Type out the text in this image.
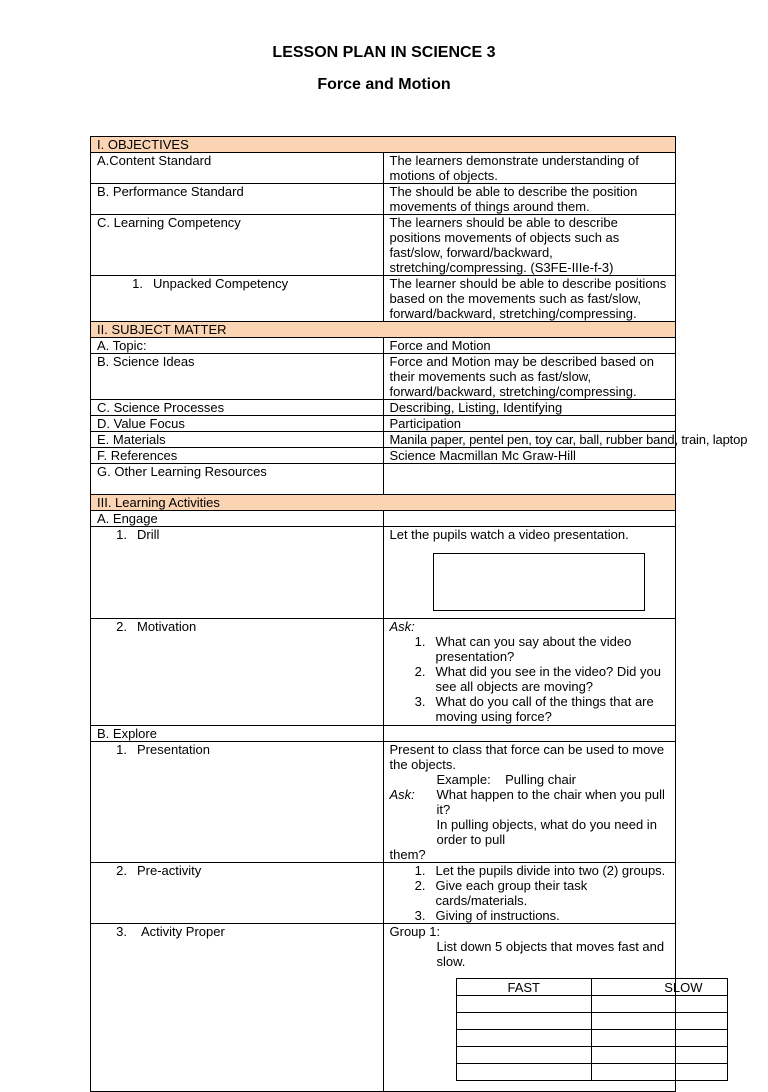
LESSON PLAN IN SCIENCE 3
Force and Motion
I. OBJECTIVES
A.Content Standard	The learners demonstrate understanding of motions of objects.
B. Performance Standard	The should be able to describe the position movements of things around them.
C. Learning Competency	The learners should be able to describe positions movements of objects such as fast/slow, forward/backward, stretching/compressing. (S3FE-IIIe-f-3)

1. Unpacked Competency	The learner should be able to describe positions based on the movements such as fast/slow, forward/backward, stretching/compressing.
II. SUBJECT MATTER
A. Topic:	Force and Motion
B. Science Ideas	Force and Motion may be described based on their movements such as fast/slow, forward/backward, stretching/compressing.
C. Science Processes	Describing, Listing, Identifying
D. Value Focus	Participation
E. Materials	Manila paper, pentel pen, toy car, ball, rubber band, train, laptop
F. References	Science Macmillan Mc Graw-Hill
G. Other Learning Resources	
III. Learning Activities
A. Engage	

1. Drill	Let the pupils watch a video presentation.

2. Motivation	Ask:
1. What can you say about the video presentation?
2. What did you see in the video? Did you see all objects are moving?
3. What do you call of the things that are moving using force?

B. Explore	

1. Presentation	Present to class that force can be used to move the objects.
Example:    Pulling chair
Ask:	What happen to the chair when you pull it?
In pulling objects, what do you need in order to pull
them?

2. Pre-activity	1. Let the pupils divide into two (2) groups.
2. Give each group their task cards/materials.
3. Giving of instructions.

3.	Activity Proper	Group 1:
List down 5 objects that moves fast and slow.
FAST	SLOW
